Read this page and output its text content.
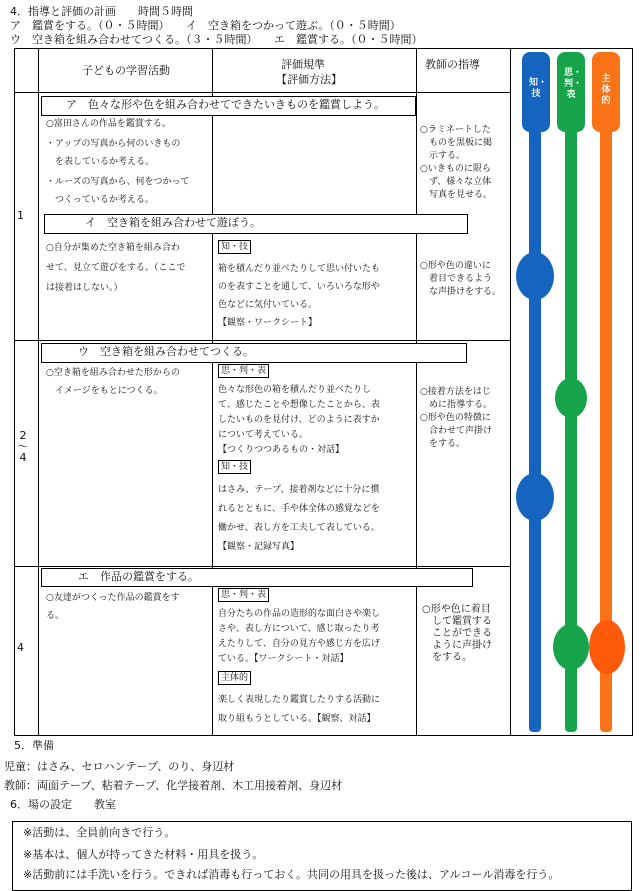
4．指導と評価の計画　　時間５時間
ア　鑑賞をする。（０・５時間）　　イ　空き箱をつかって遊ぶ。（０・５時間）
ウ　空き箱を組み合わせてつくる。（３・５時間）　　エ　鑑賞する。（０・５時間）
子どもの学習活動	評価規準
【評価方法】
教師の指導
知・技
思・判・表
主体的
1
ア　色々な形や色を組み合わせてできたいきものを鑑賞しよう。
○富田さんの作品を鑑賞する。
・アップの写真から何のいきもの
　を表しているか考える。
・ルーズの写真から、何をつかって
　つくっているか考える。
○ラミネートした
　ものを黒板に掲
　示する。
○いきものに限ら
　ず、様々な立体
　写真を見せる。
イ　空き箱を組み合わせて遊ぼう。
○自分が集めた空き箱を組み合わ
せて、見立て遊びをする。（ここで
は接着はしない。）
知・技
箱を積んだり並べたりして思い付いたも
のを表すことを通して、いろいろな形や
色などに気付いている。
【観察・ワークシート】
○形や色の違いに
　着目できるよう
　な声掛けをする。
2
〜
4
ウ　空き箱を組み合わせてつくる。
○空き箱を組み合わせた形からの
　イメージをもとにつくる。
思・判・表
色々な形色の箱を積んだり並べたりし
て、感じたことや想像したことから、表
したいものを見付け、どのように表すか
について考えている。
【つくりつつあるもの・対話】
知・技
はさみ、テープ、接着剤などに十分に慣
れるとともに、手や体全体の感覚などを
働かせ、表し方を工夫して表している。
【観察・記録写真】
○接着方法をはじ
　めに指導する。
○形や色の特徴に
　合わせて声掛け
　をする。
4
エ　作品の鑑賞をする。
○友達がつくった作品の鑑賞をす
る。
思・判・表
自分たちの作品の造形的な面白さや楽し
さや、表し方について、感じ取ったり考
えたりして、自分の見方や感じ方を広げ
ている。【ワークシート・対話】
主体的
楽しく表現したり鑑賞したりする活動に
取り組もうとしている。【観察、対話】
○形や色に着目
　して鑑賞する
　ことができる
　ように声掛け
　をする。
5．準備
児童：はさみ、セロハンテープ、のり、身辺材
教師：両面テープ、粘着テープ、化学接着剤、木工用接着剤、身辺材
6．場の設定　　教室
※活動は、全員前向きで行う。
※基本は、個人が持ってきた材料・用具を扱う。
※活動前には手洗いを行う。できれば消毒も行っておく。共同の用具を扱った後は、アルコール消毒を行う。
